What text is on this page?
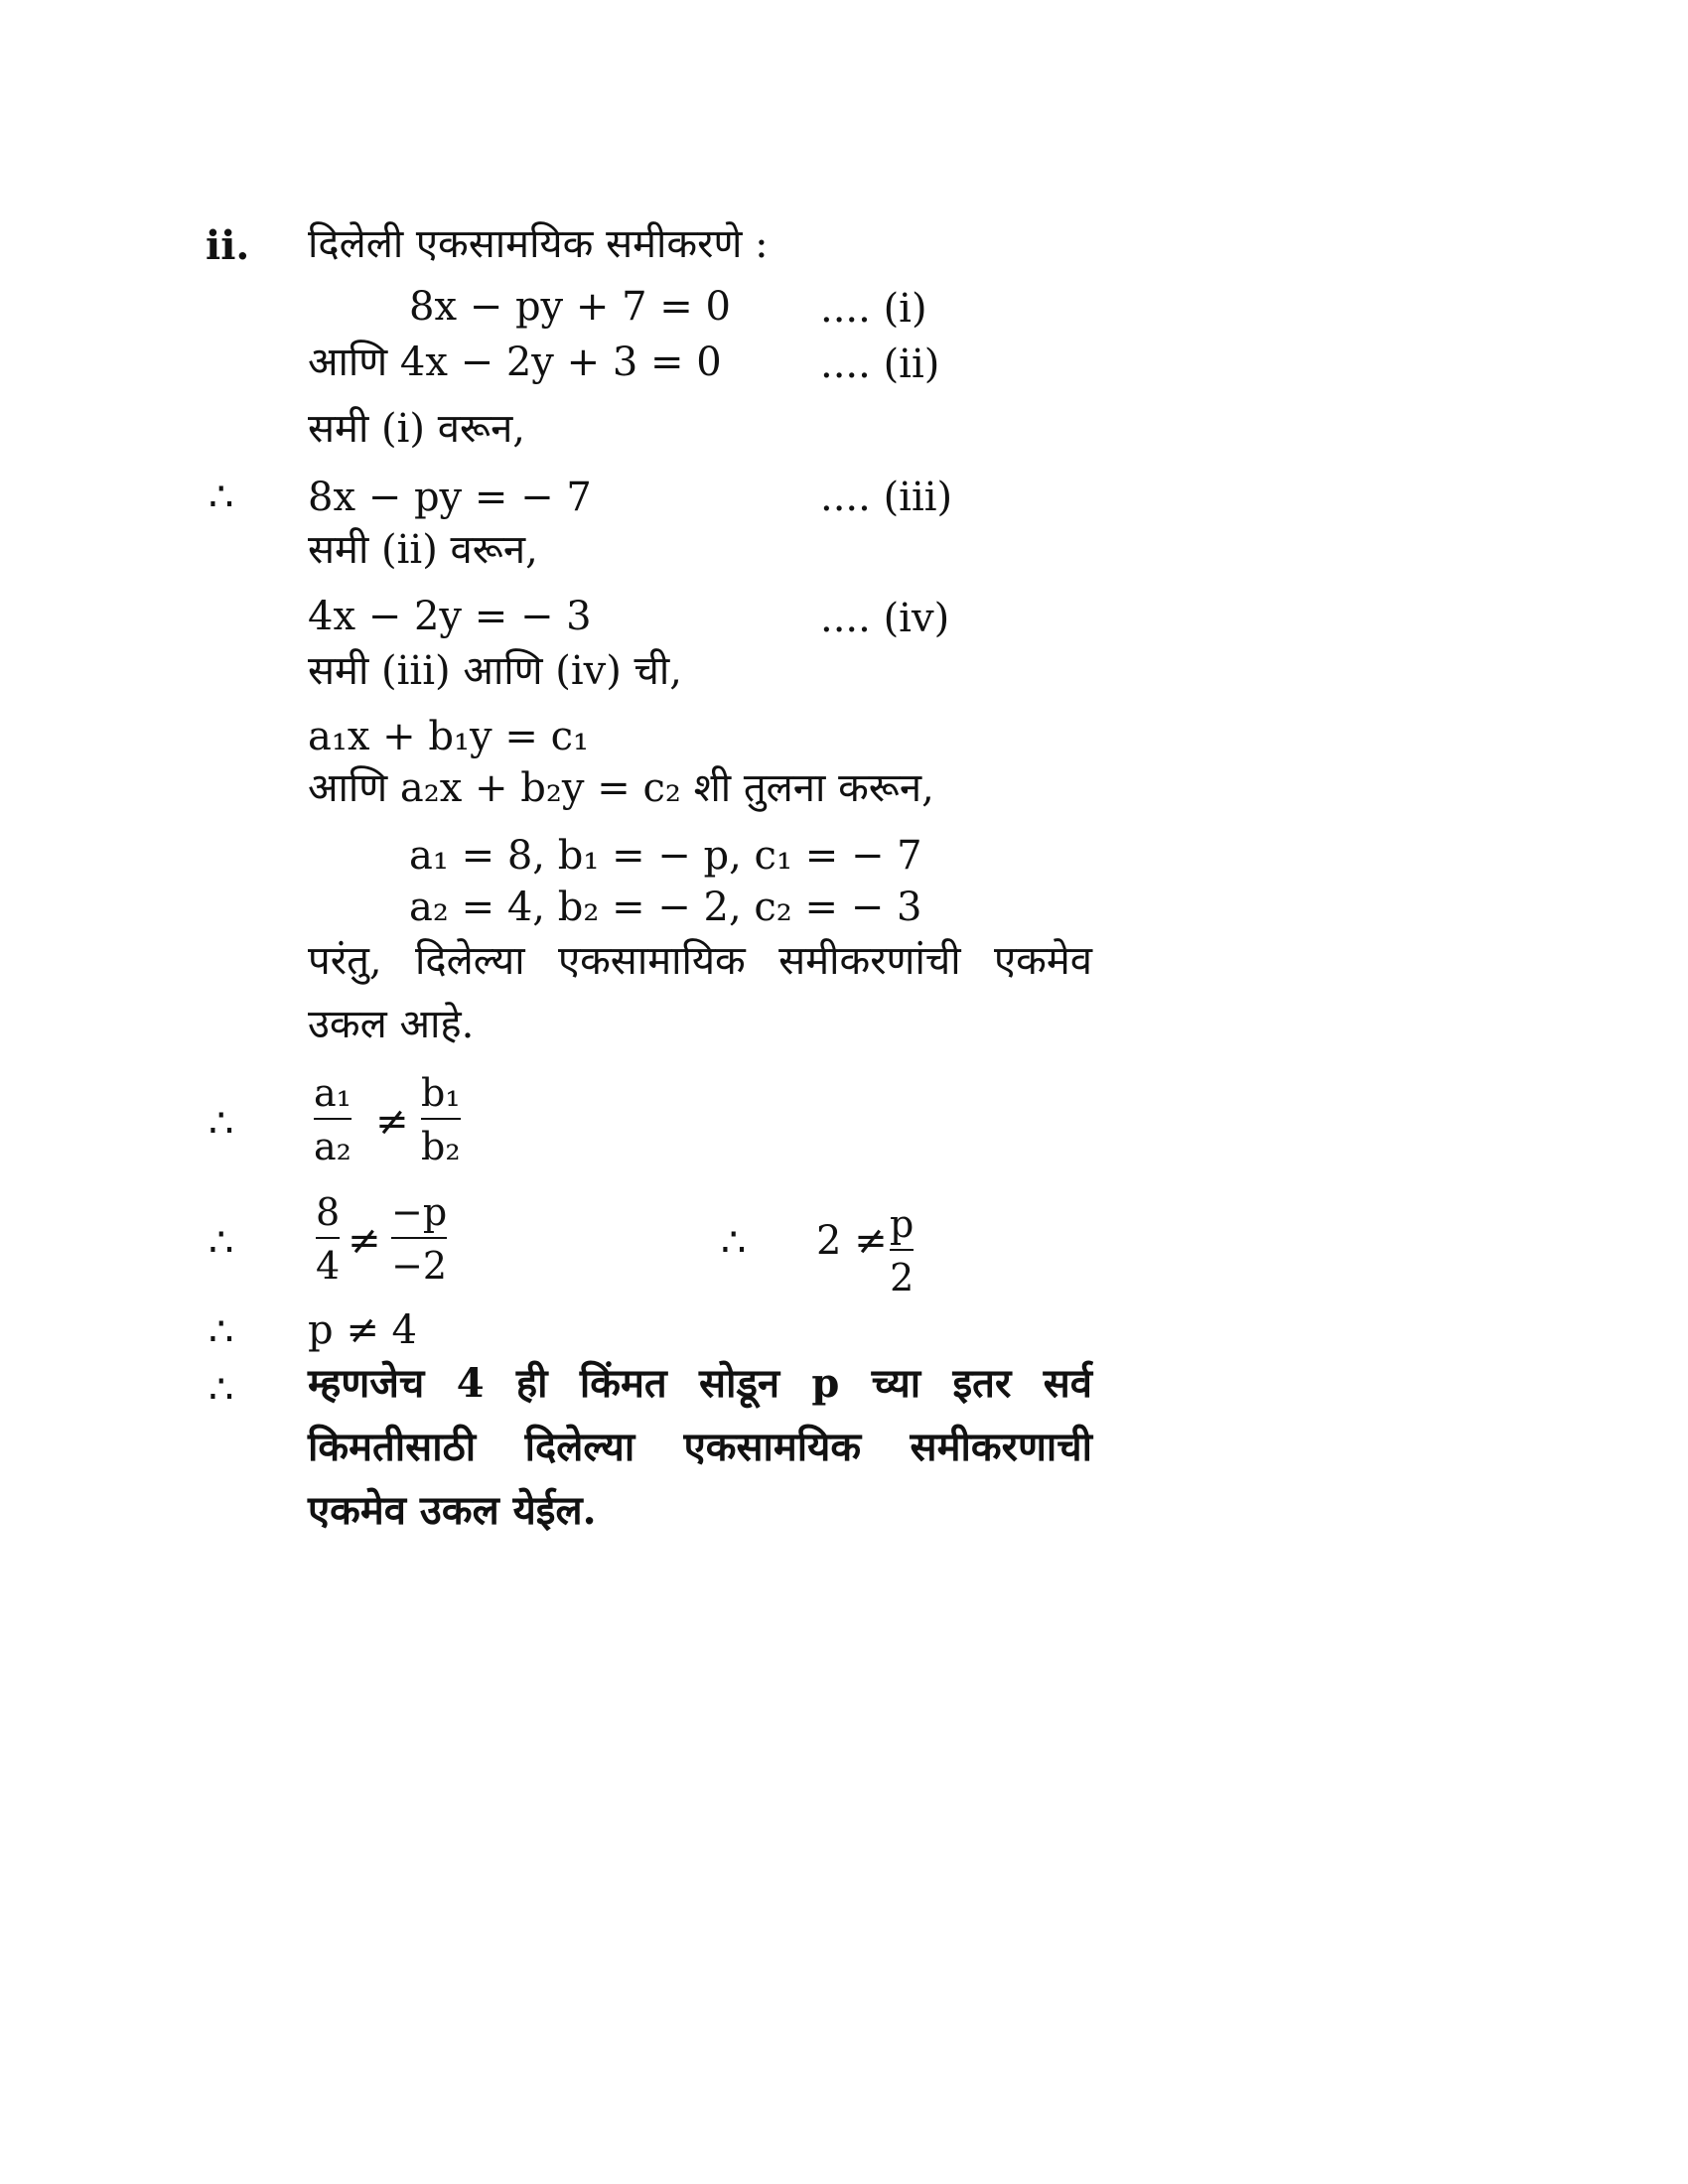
ii. दिलेली एकसामयिक समीकरणे :
8x − py + 7 = 0 .... (i)
आणि 4x − 2y + 3 = 0 .... (ii)
समी (i) वरून,
∴ 8x − py = − 7	.... (iii)
समी (ii) वरून,
4x − 2y = − 3	.... (iv)
समी (iii) आणि (iv) ची,
a₁x + b₁y = c₁
आणि a₂x + b₂y = c₂ शी तुलना करून,
a₁ = 8, b₁ = − p, c₁ = − 7
a₂ = 4, b₂ = − 2, c₂ = − 3
परंतु, दिलेल्या एकसामायिक समीकरणांची एकमेव
उकल आहे.
∴
a₁
a₂
≠
b₁
b₂
∴
8
4
≠
−p
−2	∴ 2 ≠ p
2
∴ p ≠ 4
∴ म्हणजेच 4 ही किंमत सोडून p च्या इतर सर्व
किमतीसाठी दिलेल्या एकसामयिक समीकरणाची
एकमेव उकल येईल.
